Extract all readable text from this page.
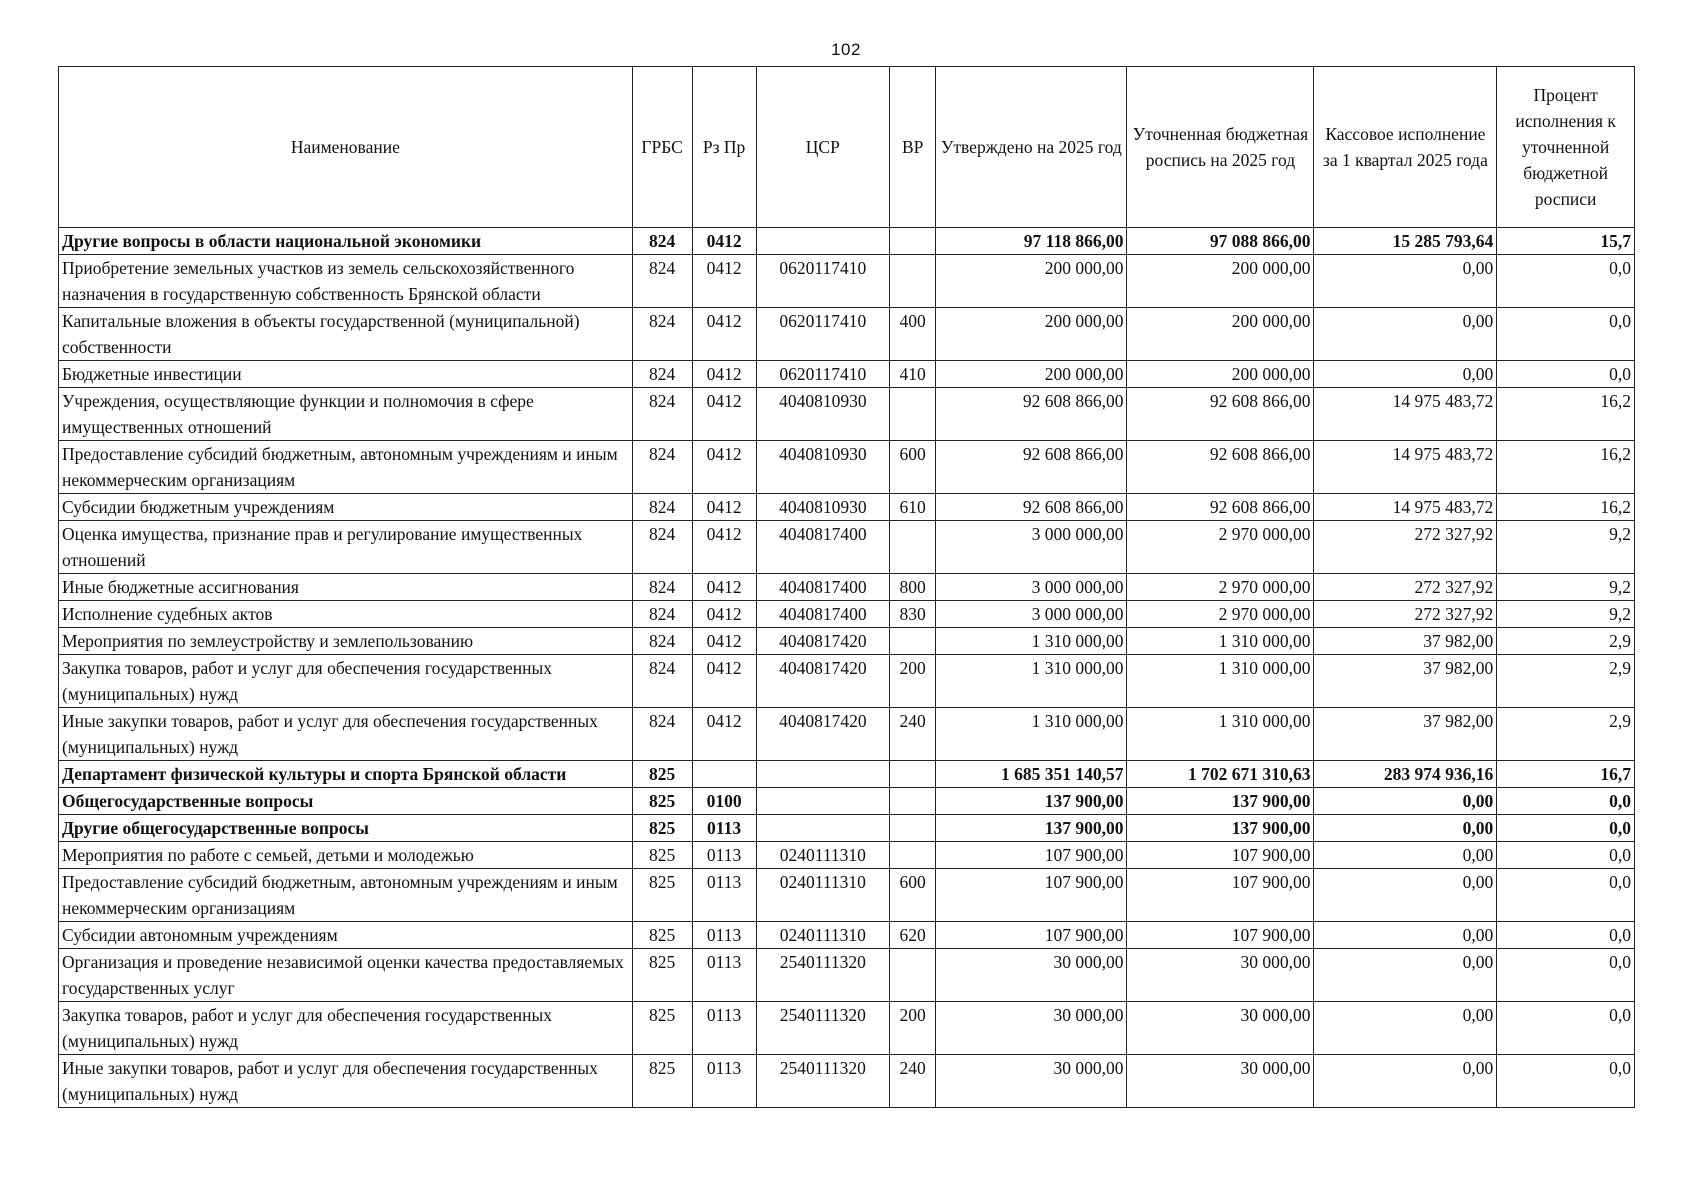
102
Наименование	ГРБС	Рз Пр	ЦСР	ВР	Утверждено на 2025 год	Уточненная бюджетная роспись на 2025 год	Кассовое исполнение за 1 квартал 2025 года	Процент исполнения к уточненной бюджетной росписи
Другие вопросы в области национальной экономики	824	0412			97 118 866,00	97 088 866,00	15 285 793,64	15,7
Приобретение земельных участков из земель сельскохозяйственного назначения в государственную собственность Брянской области	824	0412	0620117410		200 000,00	200 000,00	0,00	0,0
Капитальные вложения в объекты государственной (муниципальной) собственности	824	0412	0620117410	400	200 000,00	200 000,00	0,00	0,0
Бюджетные инвестиции	824	0412	0620117410	410	200 000,00	200 000,00	0,00	0,0
Учреждения, осуществляющие функции и полномочия в сфере имущественных отношений	824	0412	4040810930		92 608 866,00	92 608 866,00	14 975 483,72	16,2
Предоставление субсидий бюджетным, автономным учреждениям и иным некоммерческим организациям	824	0412	4040810930	600	92 608 866,00	92 608 866,00	14 975 483,72	16,2
Субсидии бюджетным учреждениям	824	0412	4040810930	610	92 608 866,00	92 608 866,00	14 975 483,72	16,2
Оценка имущества, признание прав и регулирование имущественных отношений	824	0412	4040817400		3 000 000,00	2 970 000,00	272 327,92	9,2
Иные бюджетные ассигнования	824	0412	4040817400	800	3 000 000,00	2 970 000,00	272 327,92	9,2
Исполнение судебных актов	824	0412	4040817400	830	3 000 000,00	2 970 000,00	272 327,92	9,2
Мероприятия по землеустройству и землепользованию	824	0412	4040817420		1 310 000,00	1 310 000,00	37 982,00	2,9
Закупка товаров, работ и услуг для обеспечения государственных (муниципальных) нужд	824	0412	4040817420	200	1 310 000,00	1 310 000,00	37 982,00	2,9
Иные закупки товаров, работ и услуг для обеспечения государственных (муниципальных) нужд	824	0412	4040817420	240	1 310 000,00	1 310 000,00	37 982,00	2,9
Департамент физической культуры и спорта Брянской области	825				1 685 351 140,57	1 702 671 310,63	283 974 936,16	16,7
Общегосударственные вопросы	825	0100			137 900,00	137 900,00	0,00	0,0
Другие общегосударственные вопросы	825	0113			137 900,00	137 900,00	0,00	0,0
Мероприятия по работе с семьей, детьми и молодежью	825	0113	0240111310		107 900,00	107 900,00	0,00	0,0
Предоставление субсидий бюджетным, автономным учреждениям и иным некоммерческим организациям	825	0113	0240111310	600	107 900,00	107 900,00	0,00	0,0
Субсидии автономным учреждениям	825	0113	0240111310	620	107 900,00	107 900,00	0,00	0,0
Организация и проведение независимой оценки качества предоставляемых государственных услуг	825	0113	2540111320		30 000,00	30 000,00	0,00	0,0
Закупка товаров, работ и услуг для обеспечения государственных (муниципальных) нужд	825	0113	2540111320	200	30 000,00	30 000,00	0,00	0,0
Иные закупки товаров, работ и услуг для обеспечения государственных (муниципальных) нужд	825	0113	2540111320	240	30 000,00	30 000,00	0,00	0,0
